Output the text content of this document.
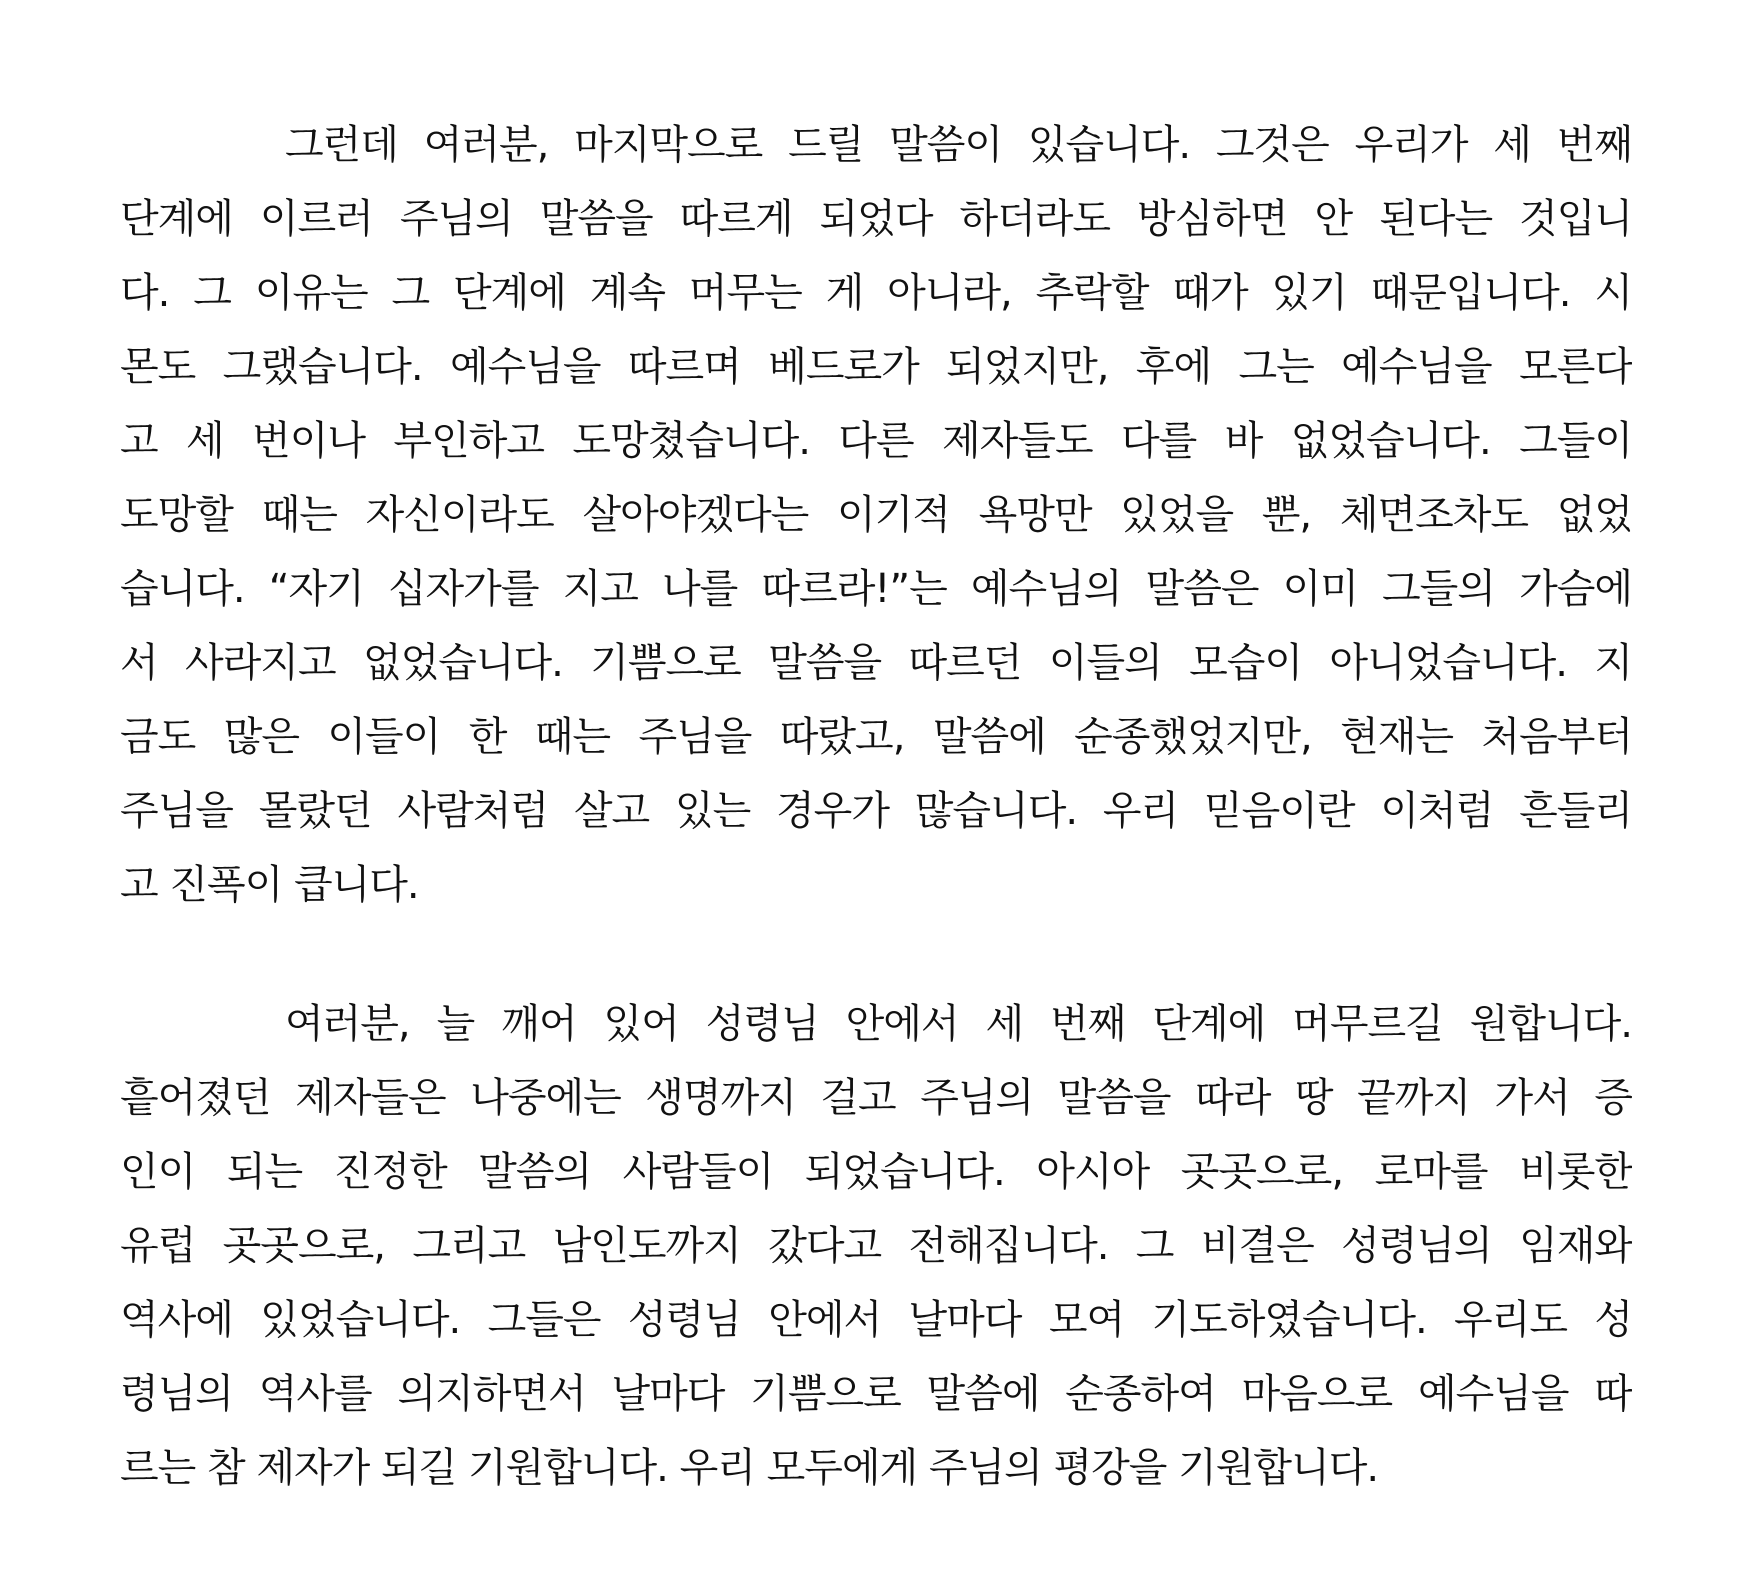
그런데 여러분, 마지막으로 드릴 말씀이 있습니다. 그것은 우리가 세 번째
단계에 이르러 주님의 말씀을 따르게 되었다 하더라도 방심하면 안 된다는 것입니
다. 그 이유는 그 단계에 계속 머무는 게 아니라, 추락할 때가 있기 때문입니다. 시
몬도 그랬습니다. 예수님을 따르며 베드로가 되었지만, 후에 그는 예수님을 모른다
고 세 번이나 부인하고 도망쳤습니다. 다른 제자들도 다를 바 없었습니다. 그들이
도망할 때는 자신이라도 살아야겠다는 이기적 욕망만 있었을 뿐, 체면조차도 없었
습니다. “자기 십자가를 지고 나를 따르라!”는 예수님의 말씀은 이미 그들의 가슴에
서 사라지고 없었습니다. 기쁨으로 말씀을 따르던 이들의 모습이 아니었습니다. 지
금도 많은 이들이 한 때는 주님을 따랐고, 말씀에 순종했었지만, 현재는 처음부터
주님을 몰랐던 사람처럼 살고 있는 경우가 많습니다. 우리 믿음이란 이처럼 흔들리
고 진폭이 큽니다.
여러분, 늘 깨어 있어 성령님 안에서 세 번째 단계에 머무르길 원합니다.
흩어졌던 제자들은 나중에는 생명까지 걸고 주님의 말씀을 따라 땅 끝까지 가서 증
인이 되는 진정한 말씀의 사람들이 되었습니다. 아시아 곳곳으로, 로마를 비롯한
유럽 곳곳으로, 그리고 남인도까지 갔다고 전해집니다. 그 비결은 성령님의 임재와
역사에 있었습니다. 그들은 성령님 안에서 날마다 모여 기도하였습니다. 우리도 성
령님의 역사를 의지하면서 날마다 기쁨으로 말씀에 순종하여 마음으로 예수님을 따
르는 참 제자가 되길 기원합니다. 우리 모두에게 주님의 평강을 기원합니다.
